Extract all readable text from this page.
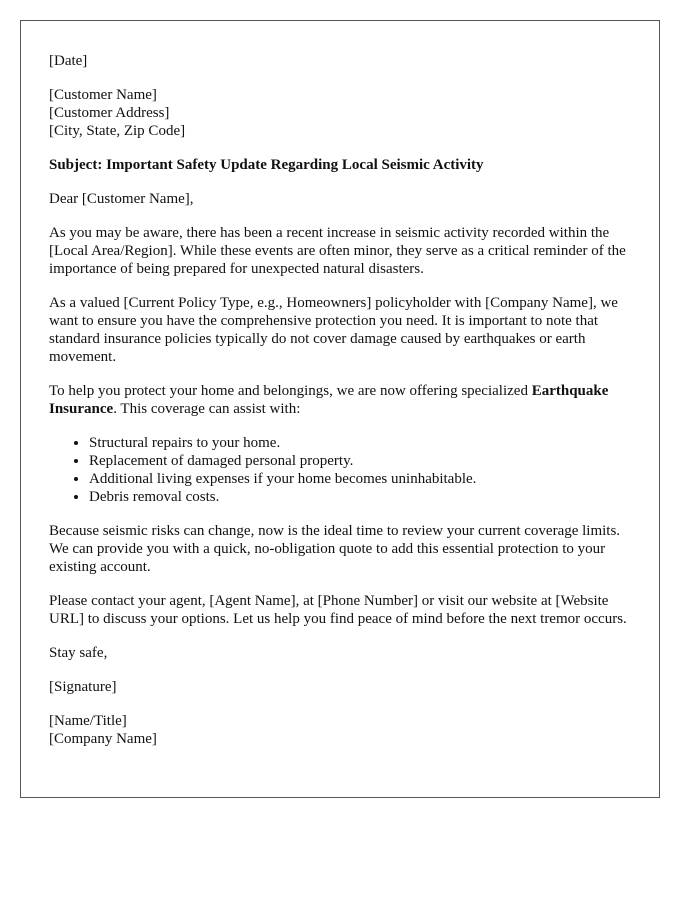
[Date]
[Customer Name]
[Customer Address]
[City, State, Zip Code]
Subject: Important Safety Update Regarding Local Seismic Activity
Dear [Customer Name],

As you may be aware, there has been a recent increase in seismic activity recorded within the [Local Area/Region]. While these events are often minor, they serve as a critical reminder of the importance of being prepared for unexpected natural disasters.

As a valued [Current Policy Type, e.g., Homeowners] policyholder with [Company Name], we want to ensure you have the comprehensive protection you need. It is important to note that standard insurance policies typically do not cover damage caused by earthquakes or earth movement.

To help you protect your home and belongings, we are now offering specialized Earthquake Insurance. This coverage can assist with:

• Structural repairs to your home.
• Replacement of damaged personal property.
• Additional living expenses if your home becomes uninhabitable.
• Debris removal costs.

Because seismic risks can change, now is the ideal time to review your current coverage limits. We can provide you with a quick, no-obligation quote to add this essential protection to your existing account.

Please contact your agent, [Agent Name], at [Phone Number] or visit our website at [Website URL] to discuss your options. Let us help you find peace of mind before the next tremor occurs.

Stay safe,
[Signature]
[Name/Title]
[Company Name]
